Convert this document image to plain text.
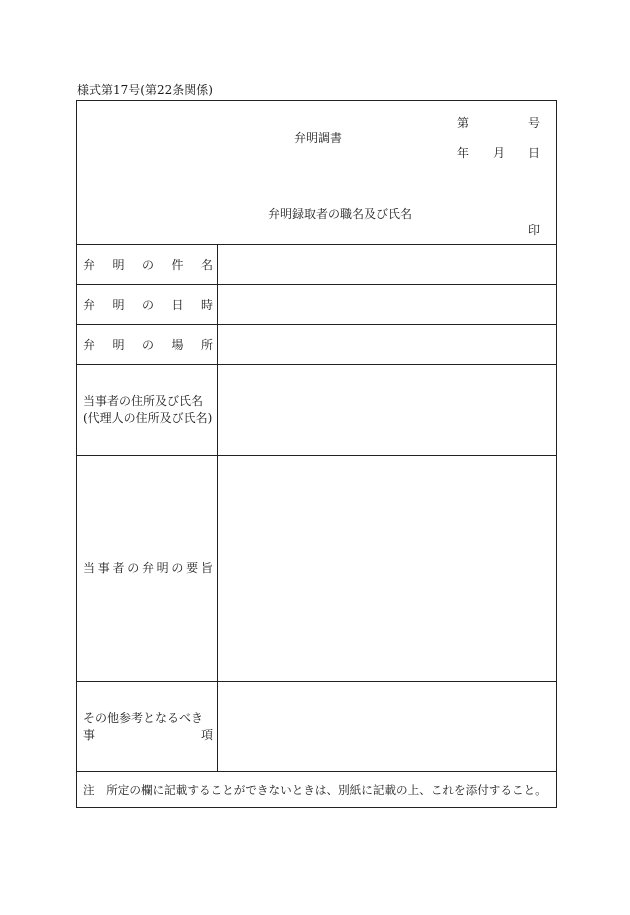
様式第17号(第22条関係)
弁明調書
第	号
年 月 日
弁明録取者の職名及び氏名
印
弁 明 の 件 名
弁 明 の 日 時
弁 明 の 場 所
当事者の住所及び氏名
(代理人の住所及び氏名)
当 事 者 の 弁 明 の 要 旨
その他参考となるべき
事	項
注　所定の欄に記載することができないときは、別紙に記載の上、これを添付すること。
